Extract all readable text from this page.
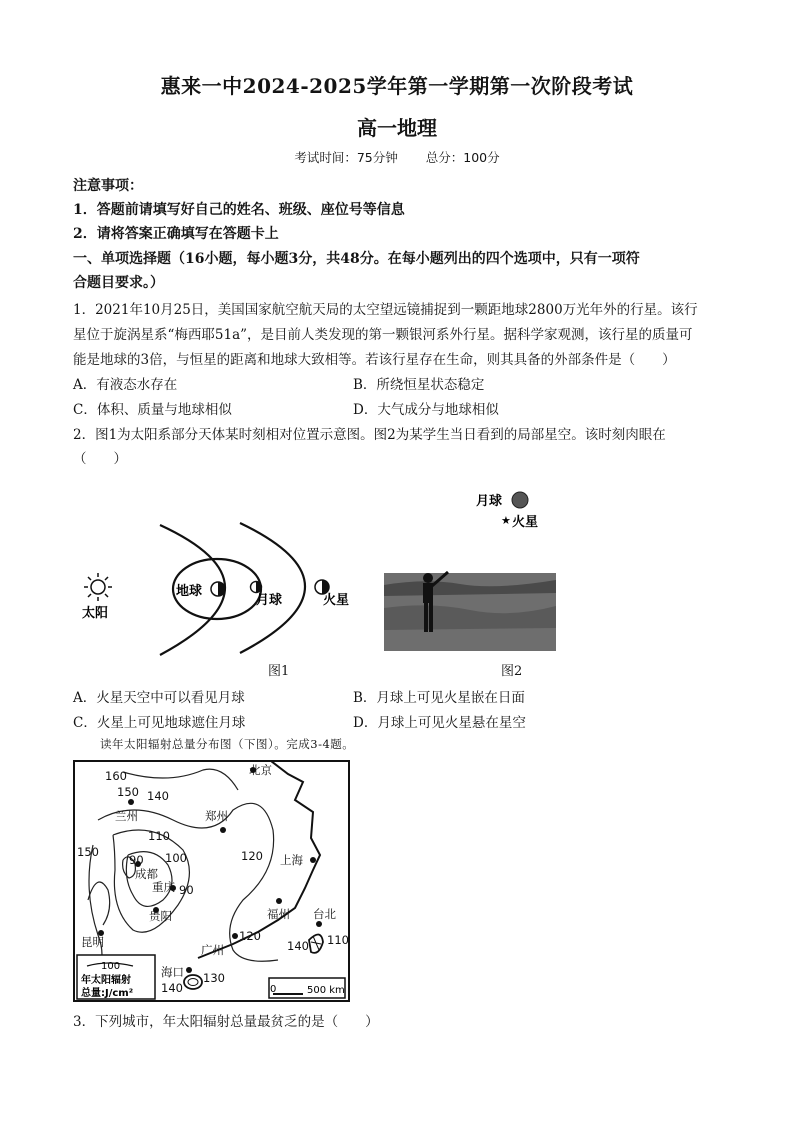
惠来一中2024-2025学年第一学期第一次阶段考试
高一地理
考试时间：75分钟 总分：100分
注意事项：
1．答题前请填写好自己的姓名、班级、座位号等信息
2．请将答案正确填写在答题卡上
一、单项选择题（16小题，每小题3分，共48分。在每小题列出的四个选项中，只有一项符
合题目要求。）
1．2021年10月25日，美国国家航空航天局的太空望远镜捕捉到一颗距地球2800万光年外的行星。该行
星位于旋涡星系“梅西耶51a”，是目前人类发现的第一颗银河系外行星。据科学家观测，该行星的质量可
能是地球的3倍，与恒星的距离和地球大致相等。若该行星存在生命，则其具备的外部条件是（　　）
A．有液态水存在	B．所绕恒星状态稳定
C．体积、质量与地球相似	D．大气成分与地球相似
2．图1为太阳系部分天体某时刻相对位置示意图。图2为某学生当日看到的局部星空。该时刻肉眼在
（　　）
太阳
地球
月球	火星
图1
月球
★ 火星
图2
A．火星天空中可以看见月球	B．月球上可见火星嵌在日面
C．火星上可见地球遮住月球	D．月球上可见火星悬在星空
读年太阳辐射总量分布图（下图）。完成3-4题。
100
年太阳辐射
总量:J/cm²	0	500 km
北京
兰州	郑州
成都
重庆
贵阳
上海
福州 台北
昆明
广州
海口
160
150 140
110
150
90 100
90
120
120
140 110
130
140
3．下列城市，年太阳辐射总量最贫乏的是（　　）
